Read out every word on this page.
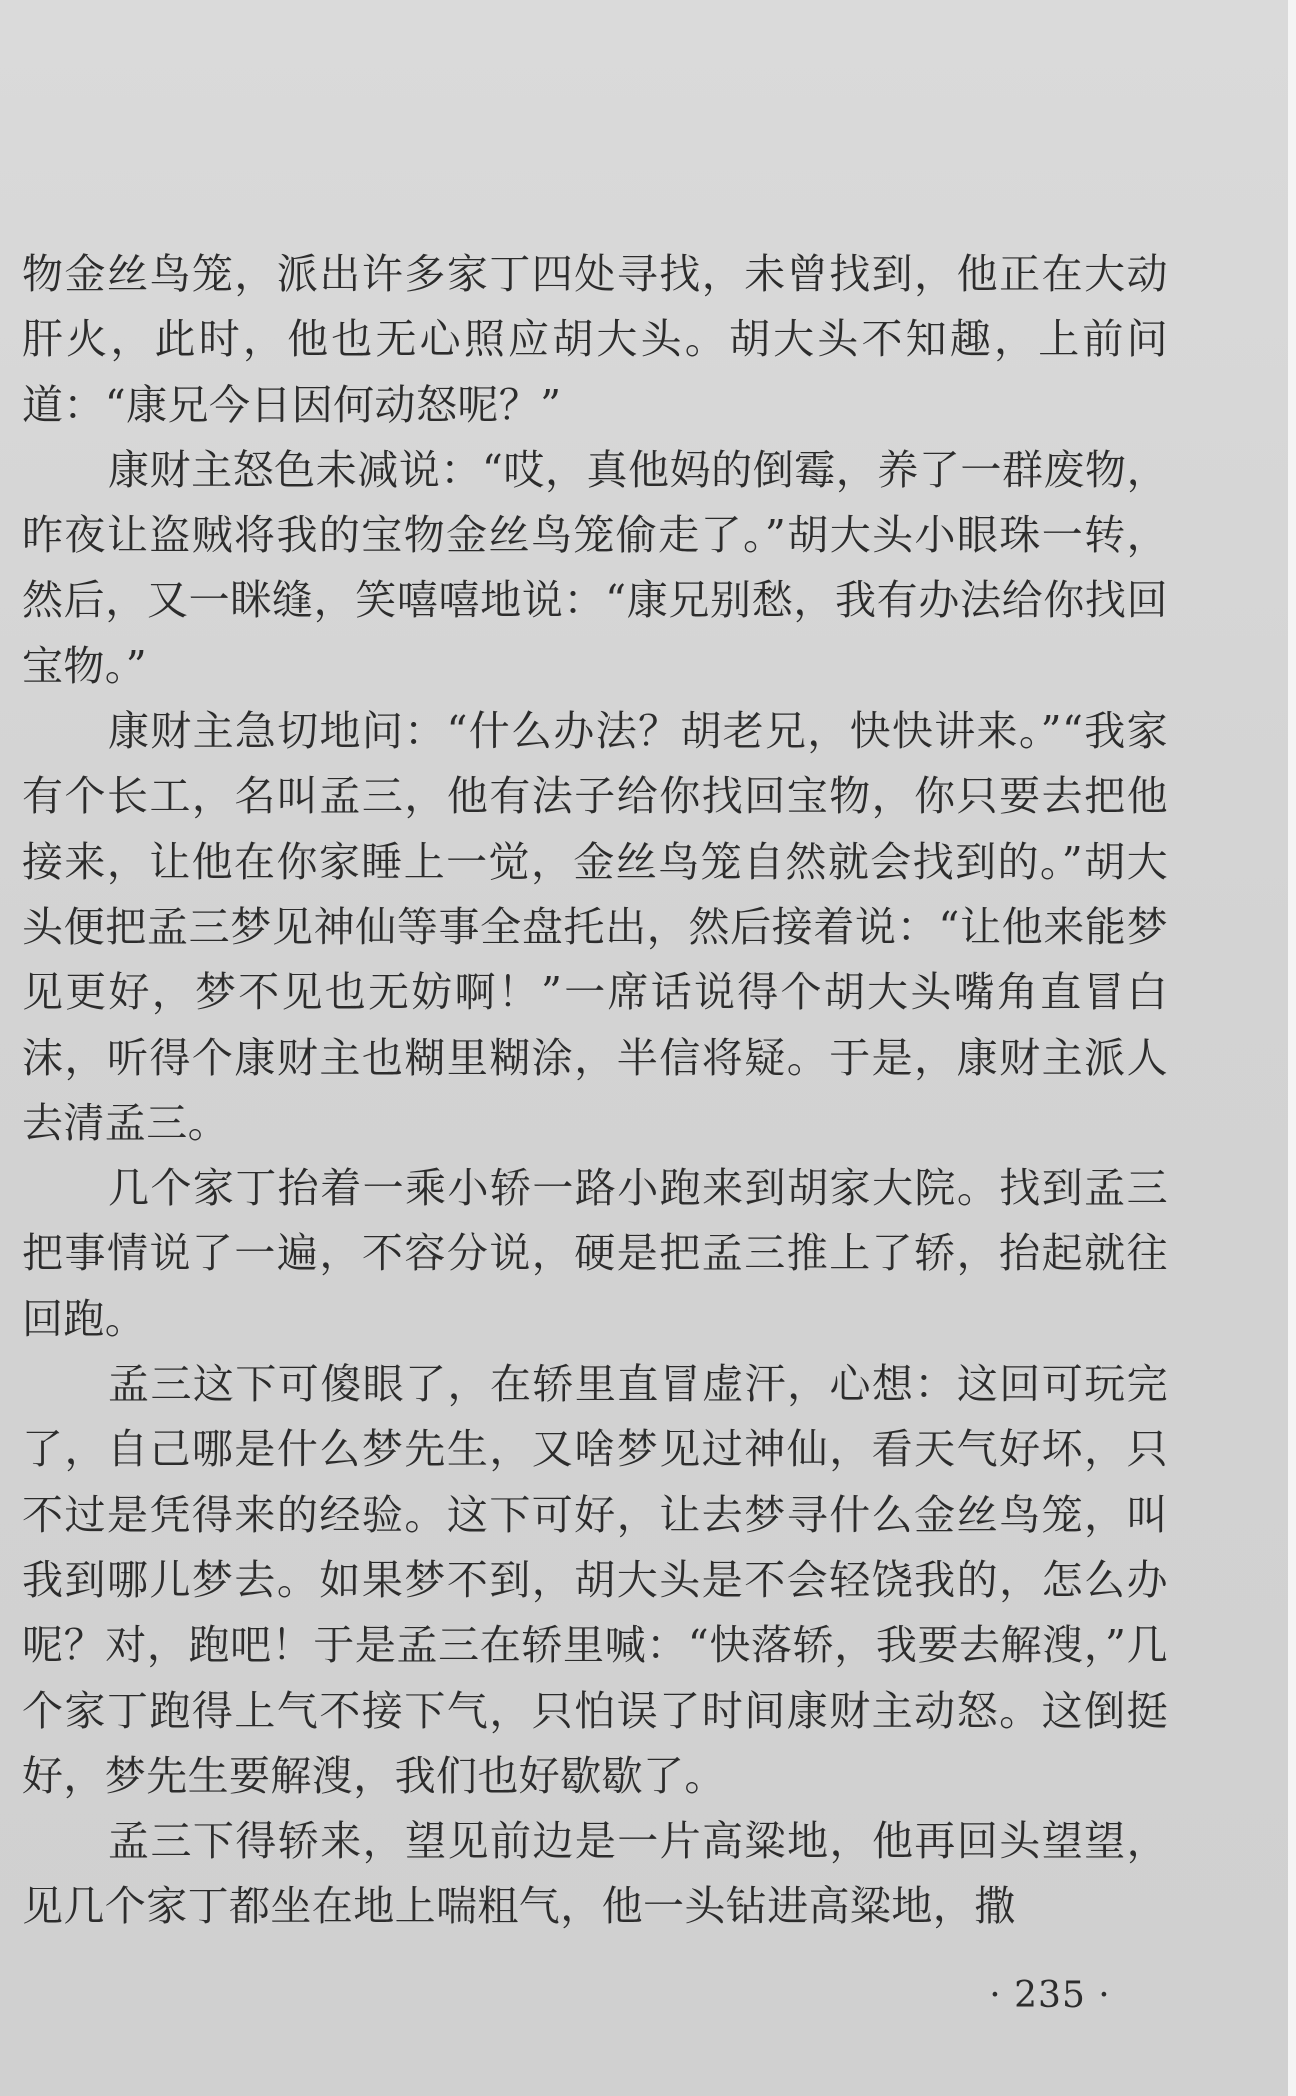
物金丝鸟笼，派出许多家丁四处寻找，未曾找到，他正在大动肝火，此时，他也无心照应胡大头。胡大头不知趣，上前问道：“康兄今日因何动怒呢？”

康财主怒色未减说：“哎，真他妈的倒霉，养了一群废物，昨夜让盗贼将我的宝物金丝鸟笼偷走了。”胡大头小眼珠一转，然后，又一眯缝，笑嘻嘻地说：“康兄别愁，我有办法给你找回宝物。”

康财主急切地问：“什么办法？胡老兄，快快讲来。”“我家有个长工，名叫孟三，他有法子给你找回宝物，你只要去把他接来，让他在你家睡上一觉，金丝鸟笼自然就会找到的。”胡大头便把孟三梦见神仙等事全盘托出，然后接着说：“让他来能梦见更好，梦不见也无妨啊！”一席话说得个胡大头嘴角直冒白沫，听得个康财主也糊里糊涂，半信将疑。于是，康财主派人去清孟三。

几个家丁抬着一乘小轿一路小跑来到胡家大院。找到孟三把事情说了一遍，不容分说，硬是把孟三推上了轿，抬起就往回跑。

孟三这下可傻眼了，在轿里直冒虚汗，心想：这回可玩完了，自己哪是什么梦先生，又啥梦见过神仙，看天气好坏，只不过是凭得来的经验。这下可好，让去梦寻什么金丝鸟笼，叫我到哪儿梦去。如果梦不到，胡大头是不会轻饶我的，怎么办呢？对，跑吧！于是孟三在轿里喊：“快落轿，我要去解溲，”几个家丁跑得上气不接下气，只怕误了时间康财主动怒。这倒挺好，梦先生要解溲，我们也好歇歇了。

孟三下得轿来，望见前边是一片高粱地，他再回头望望，见几个家丁都坐在地上喘粗气，他一头钻进高粱地，撒

· 235 ·
